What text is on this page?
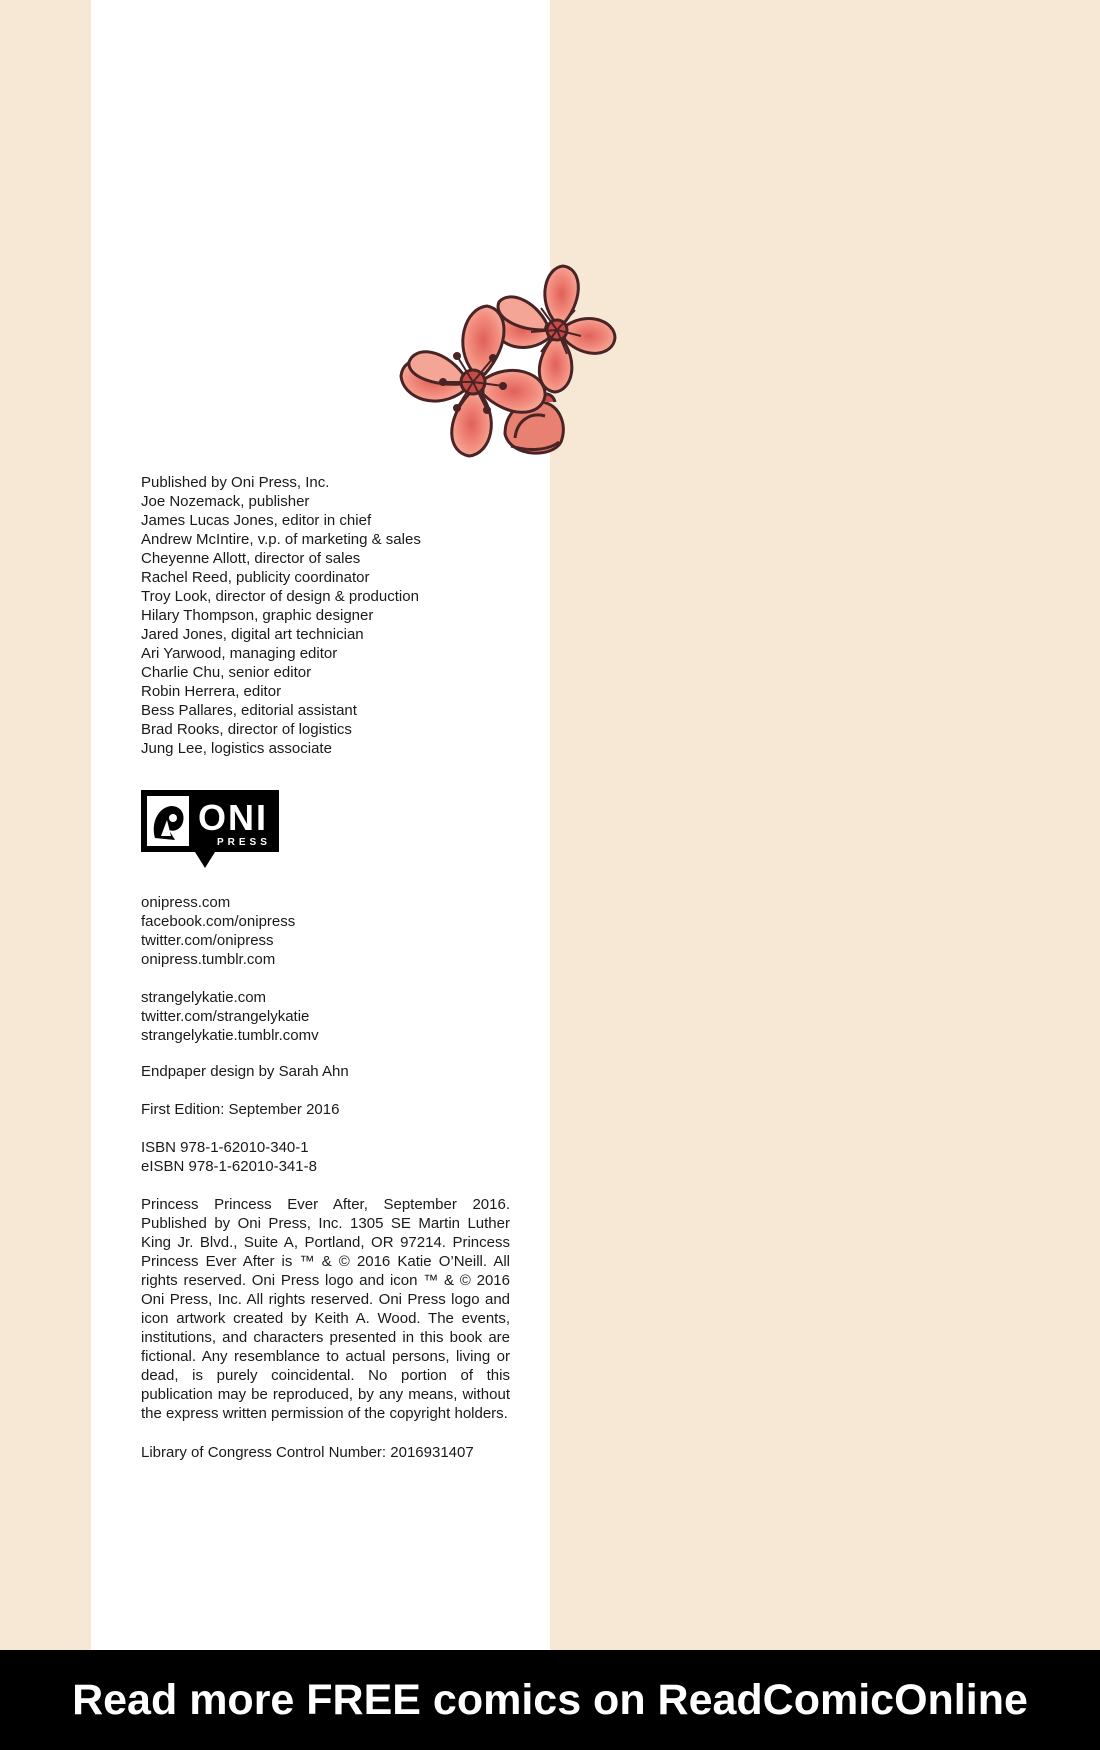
Published by Oni Press, Inc.
Joe Nozemack, publisher
James Lucas Jones, editor in chief
Andrew McIntire, v.p. of marketing & sales
Cheyenne Allott, director of sales
Rachel Reed, publicity coordinator
Troy Look, director of design & production
Hilary Thompson, graphic designer
Jared Jones, digital art technician
Ari Yarwood, managing editor
Charlie Chu, senior editor
Robin Herrera, editor
Bess Pallares, editorial assistant
Brad Rooks, director of logistics
Jung Lee, logistics associate
ONI
PRESS
onipress.com
facebook.com/onipress
twitter.com/onipress
onipress.tumblr.com
strangelykatie.com
twitter.com/strangelykatie
strangelykatie.tumblr.comv
Endpaper design by Sarah Ahn
First Edition: September 2016
ISBN 978-1-62010-340-1
eISBN 978-1-62010-341-8
Princess Princess Ever After, September 2016. Published by Oni Press, Inc. 1305 SE Martin Luther King Jr. Blvd., Suite A, Portland, OR 97214. Princess Princess Ever After is ™ & © 2016 Katie O’Neill. All rights reserved. Oni Press logo and icon ™ & © 2016 Oni Press, Inc. All rights reserved. Oni Press logo and icon artwork created by Keith A. Wood. The events, institutions, and characters presented in this book are fictional. Any resemblance to actual persons, living or dead, is purely coincidental. No portion of this publication may be reproduced, by any means, without the express written permission of the copyright holders.
Library of Congress Control Number: 2016931407
Read more FREE comics on ReadComicOnline
